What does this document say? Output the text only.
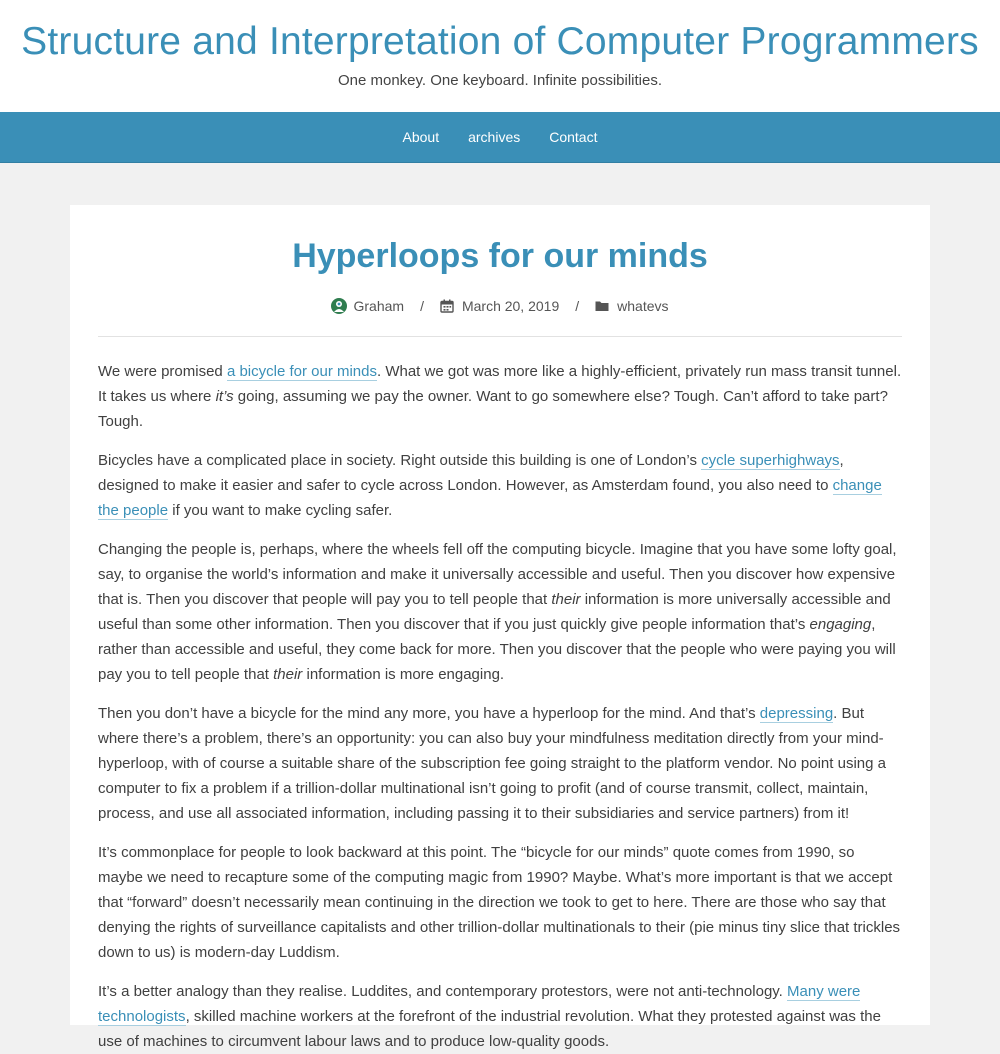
Structure and Interpretation of Computer Programmers
One monkey. One keyboard. Infinite possibilities.
About	archives	Contact
Hyperloops for our minds
Graham /	March 20, 2019 /	whatevs

We were promised a bicycle for our minds. What we got was more like a highly-efficient, privately run mass transit tunnel. It takes us where it’s going, assuming we pay the owner. Want to go somewhere else? Tough. Can’t afford to take part? Tough.

Bicycles have a complicated place in society. Right outside this building is one of London’s cycle superhighways, designed to make it easier and safer to cycle across London. However, as Amsterdam found, you also need to change the people if you want to make cycling safer.

Changing the people is, perhaps, where the wheels fell off the computing bicycle. Imagine that you have some lofty goal, say, to organise the world’s information and make it universally accessible and useful. Then you discover how expensive that is. Then you discover that people will pay you to tell people that their information is more universally accessible and useful than some other information. Then you discover that if you just quickly give people information that’s engaging, rather than accessible and useful, they come back for more. Then you discover that the people who were paying you will pay you to tell people that their information is more engaging.

Then you don’t have a bicycle for the mind any more, you have a hyperloop for the mind. And that’s depressing. But where there’s a problem, there’s an opportunity: you can also buy your mindfulness meditation directly from your mind-hyperloop, with of course a suitable share of the subscription fee going straight to the platform vendor. No point using a computer to fix a problem if a trillion-dollar multinational isn’t going to profit (and of course transmit, collect, maintain, process, and use all associated information, including passing it to their subsidiaries and service partners) from it!

It’s commonplace for people to look backward at this point. The “bicycle for our minds” quote comes from 1990, so maybe we need to recapture some of the computing magic from 1990? Maybe. What’s more important is that we accept that “forward” doesn’t necessarily mean continuing in the direction we took to get to here. There are those who say that denying the rights of surveillance capitalists and other trillion-dollar multinationals to their (pie minus tiny slice that trickles down to us) is modern-day Luddism.

It’s a better analogy than they realise. Luddites, and contemporary protestors, were not anti-technology. Many were technologists, skilled machine workers at the forefront of the industrial revolution. What they protested against was the use of machines to circumvent labour laws and to produce low-quality goods.
